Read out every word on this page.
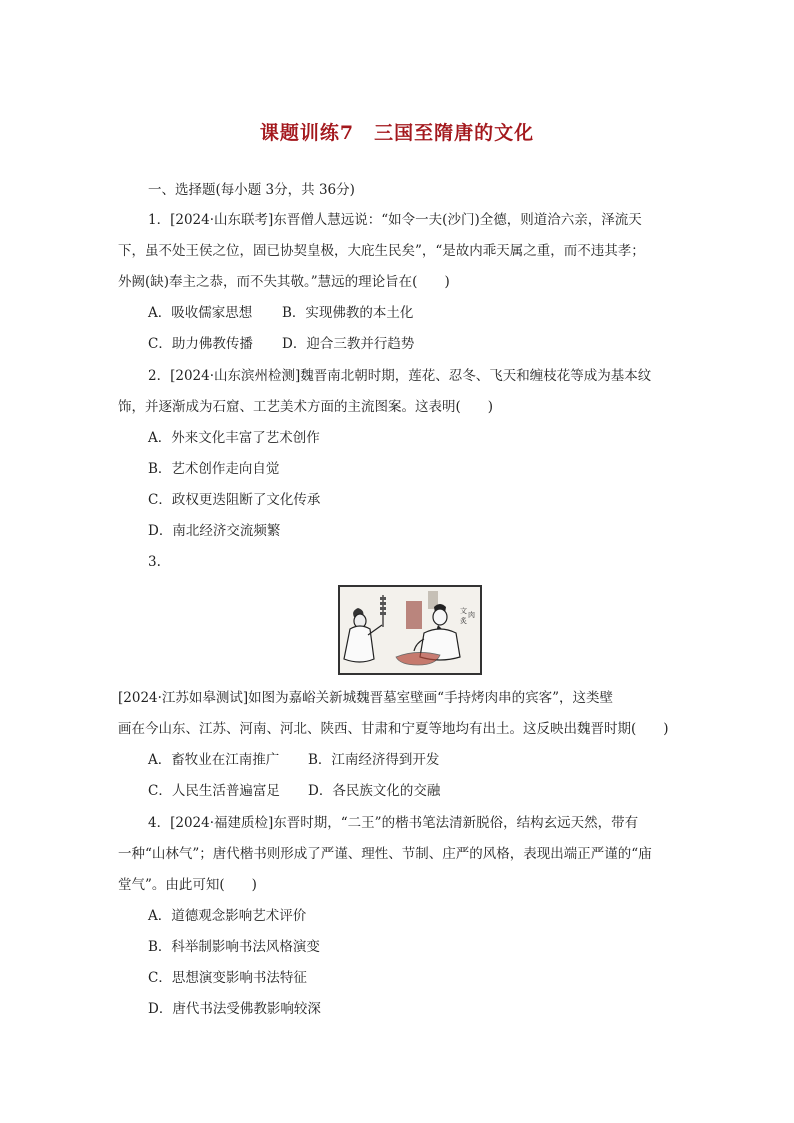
课题训练7　三国至隋唐的文化
一、选择题(每小题 3分，共 36分)
1．[2024·山东联考]东晋僧人慧远说：“如令一夫(沙门)全德，则道洽六亲，泽流天
下，虽不处王侯之位，固已协契皇极，大庇生民矣”，“是故内乖天属之重，而不违其孝；
外阙(缺)奉主之恭，而不失其敬。”慧远的理论旨在(　　)
A．吸收儒家思想 B．实现佛教的本土化
C．助力佛教传播 D．迎合三教并行趋势
2．[2024·山东滨州检测]魏晋南北朝时期，莲花、忍冬、飞天和缠枝花等成为基本纹
饰，并逐渐成为石窟、工艺美术方面的主流图案。这表明(　　)
A．外来文化丰富了艺术创作
B．艺术创作走向自觉
C．政权更迭阻断了文化传承
D．南北经济交流频繁
3.
文
炙
肉
[2024·江苏如皋测试]如图为嘉峪关新城魏晋墓室壁画“手持烤肉串的宾客”，这类壁
画在今山东、江苏、河南、河北、陕西、甘肃和宁夏等地均有出土。这反映出魏晋时期(　　)
A．畜牧业在江南推广 B．江南经济得到开发
C．人民生活普遍富足 D．各民族文化的交融
4．[2024·福建质检]东晋时期，“二王”的楷书笔法清新脱俗，结构玄远天然，带有
一种“山林气”；唐代楷书则形成了严谨、理性、节制、庄严的风格，表现出端正严谨的“庙
堂气”。由此可知(　　)
A．道德观念影响艺术评价
B．科举制影响书法风格演变
C．思想演变影响书法特征
D．唐代书法受佛教影响较深
